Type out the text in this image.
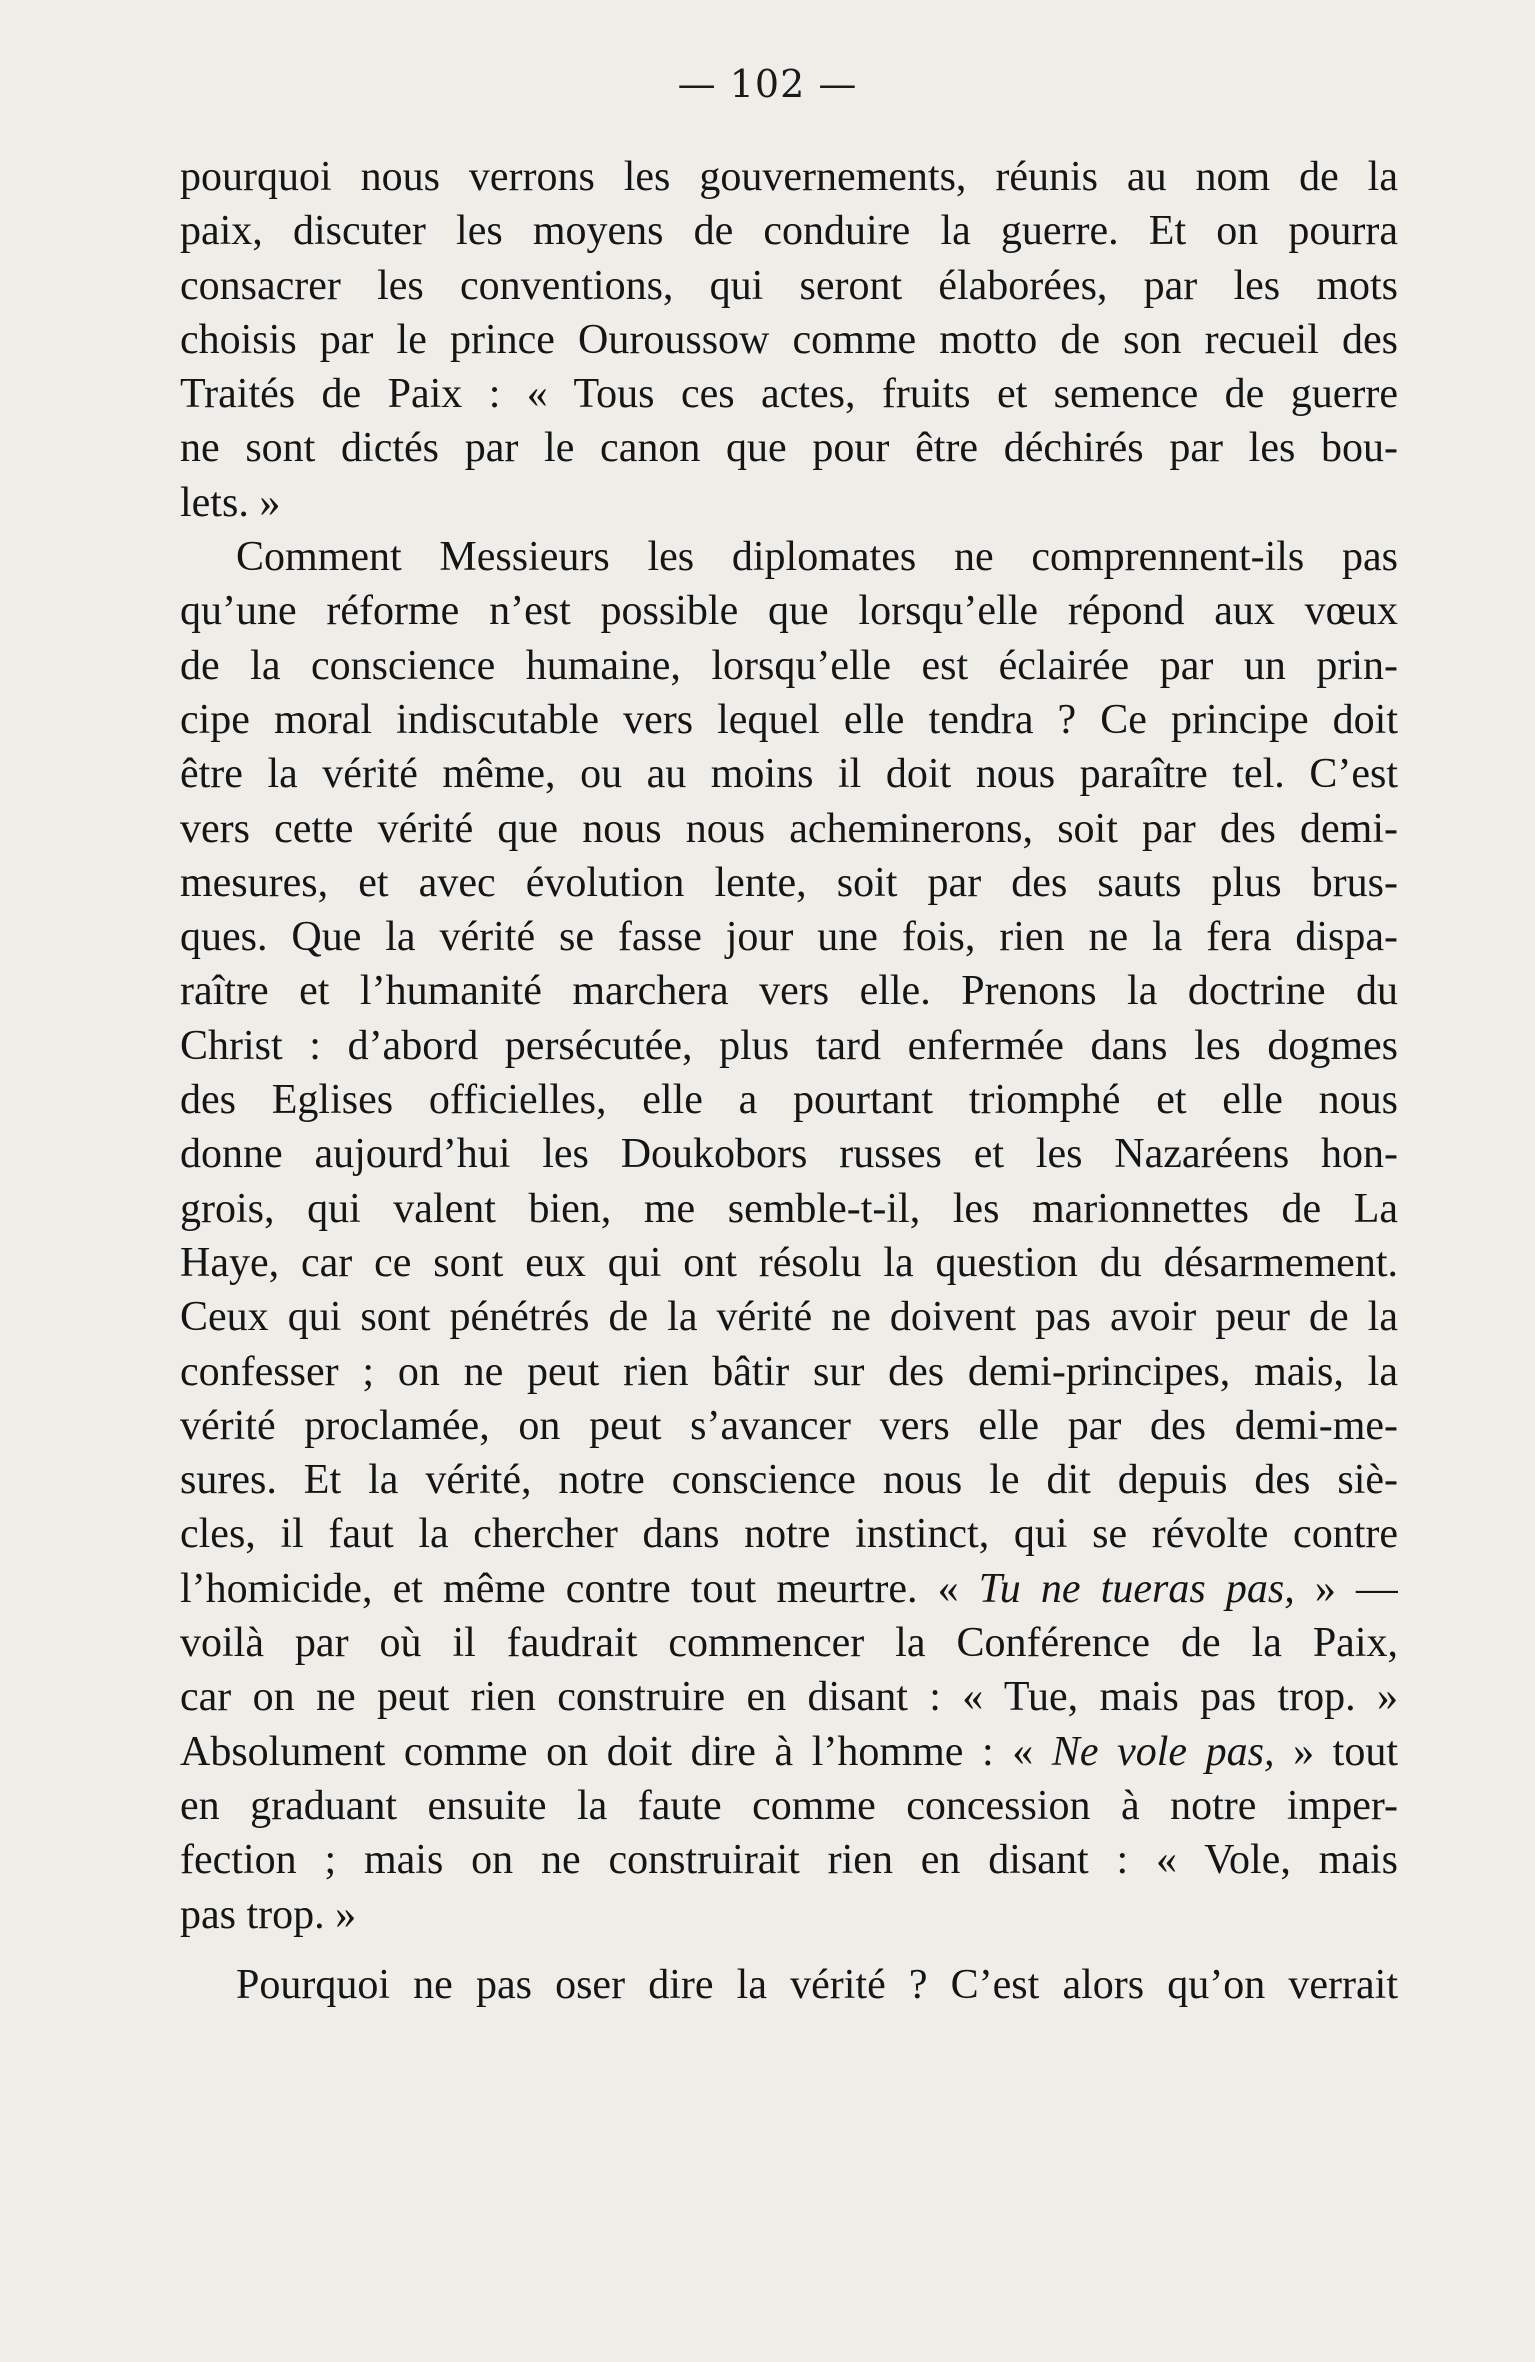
— 102 —
pourquoi nous verrons les gouvernements, réunis au nom de la
paix, discuter les moyens de conduire la guerre. Et on pourra
consacrer les conventions, qui seront élaborées, par les mots
choisis par le prince Ouroussow comme motto de son recueil des
Traités de Paix : « Tous ces actes, fruits et semence de guerre
ne sont dictés par le canon que pour être déchirés par les bou-
lets. »
Comment Messieurs les diplomates ne comprennent-ils pas
qu’une réforme n’est possible que lorsqu’elle répond aux vœux
de la conscience humaine, lorsqu’elle est éclairée par un prin-
cipe moral indiscutable vers lequel elle tendra ? Ce principe doit
être la vérité même, ou au moins il doit nous paraître tel. C’est
vers cette vérité que nous nous acheminerons, soit par des demi-
mesures, et avec évolution lente, soit par des sauts plus brus-
ques. Que la vérité se fasse jour une fois, rien ne la fera dispa-
raître et l’humanité marchera vers elle. Prenons la doctrine du
Christ : d’abord persécutée, plus tard enfermée dans les dogmes
des Eglises officielles, elle a pourtant triomphé et elle nous
donne aujourd’hui les Doukobors russes et les Nazaréens hon-
grois, qui valent bien, me semble-t-il, les marionnettes de La
Haye, car ce sont eux qui ont résolu la question du désarmement.
Ceux qui sont pénétrés de la vérité ne doivent pas avoir peur de la
confesser ; on ne peut rien bâtir sur des demi-principes, mais, la
vérité proclamée, on peut s’avancer vers elle par des demi-me-
sures. Et la vérité, notre conscience nous le dit depuis des siè-
cles, il faut la chercher dans notre instinct, qui se révolte contre
l’homicide, et même contre tout meurtre. « Tu ne tueras pas, » —
voilà par où il faudrait commencer la Conférence de la Paix,
car on ne peut rien construire en disant : « Tue, mais pas trop. »
Absolument comme on doit dire à l’homme : « Ne vole pas, » tout
en graduant ensuite la faute comme concession à notre imper-
fection ; mais on ne construirait rien en disant : « Vole, mais
pas trop. »
Pourquoi ne pas oser dire la vérité ? C’est alors qu’on verrait
